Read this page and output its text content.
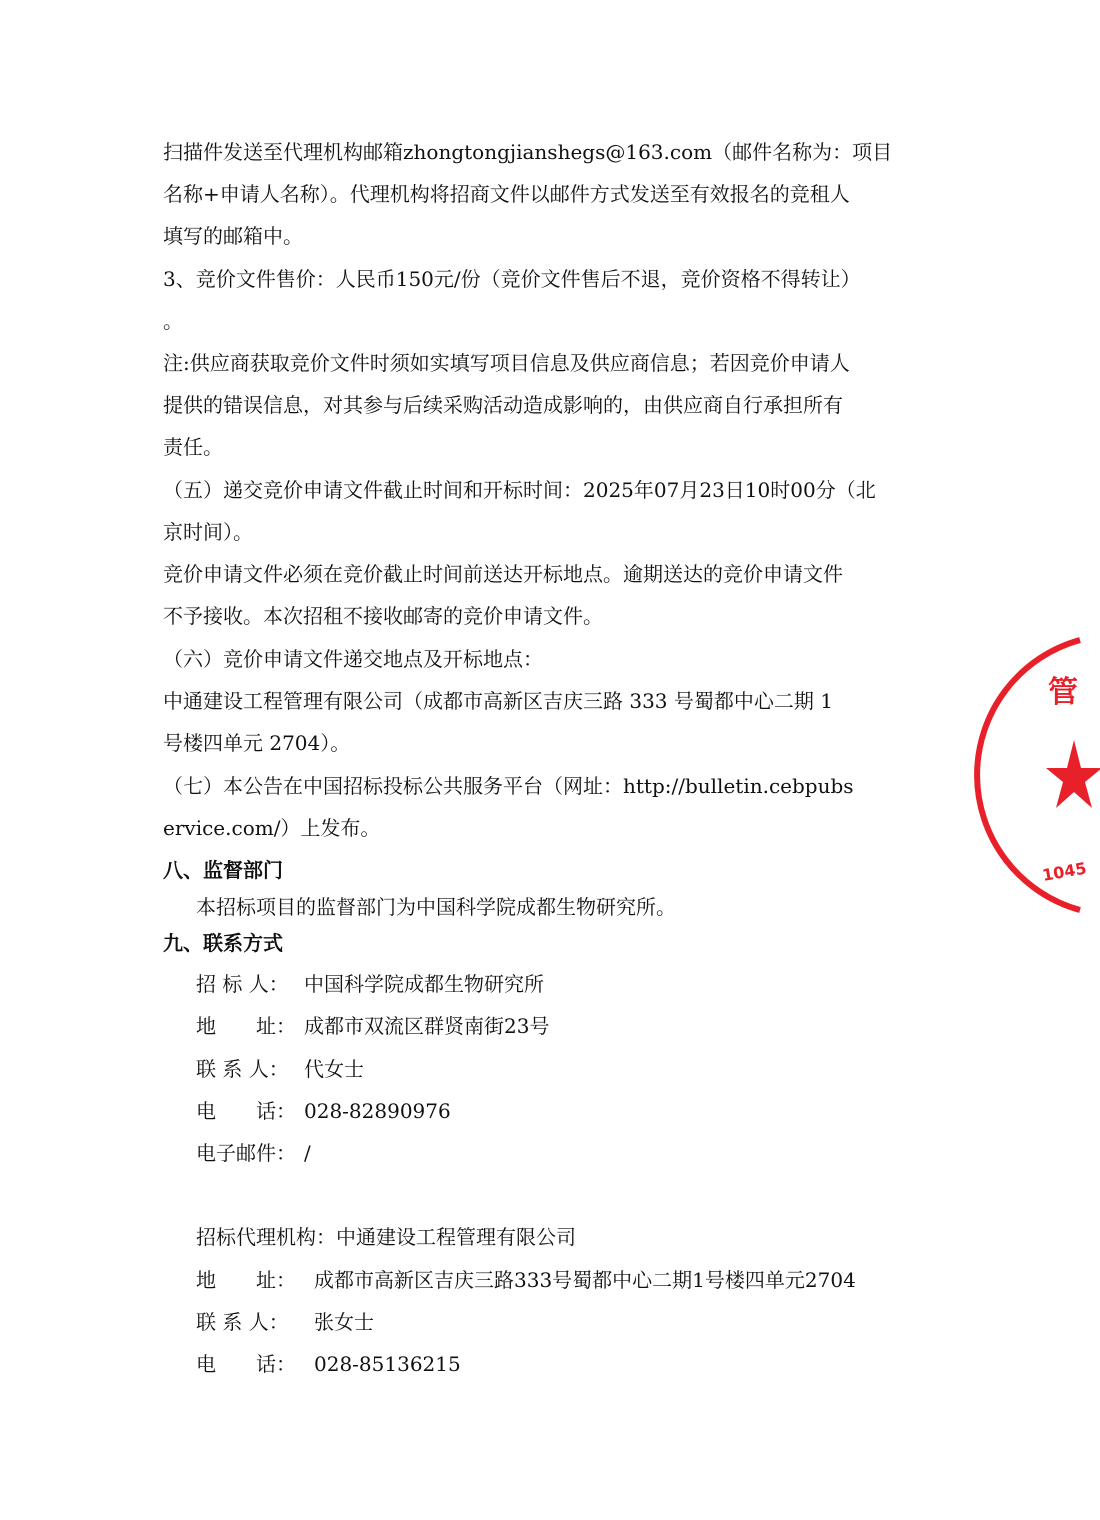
扫描件发送至代理机构邮箱zhongtongjianshegs@163.com（邮件名称为：项目
名称+申请人名称）。代理机构将招商文件以邮件方式发送至有效报名的竞租人
填写的邮箱中。
3、竞价文件售价：人民币150元/份（竞价文件售后不退，竞价资格不得转让）
。
注:供应商获取竞价文件时须如实填写项目信息及供应商信息；若因竞价申请人
提供的错误信息，对其参与后续采购活动造成影响的，由供应商自行承担所有
责任。
（五）递交竞价申请文件截止时间和开标时间：2025年07月23日10时00分（北
京时间）。
竞价申请文件必须在竞价截止时间前送达开标地点。逾期送达的竞价申请文件
不予接收。本次招租不接收邮寄的竞价申请文件。
（六）竞价申请文件递交地点及开标地点：
中通建设工程管理有限公司（成都市高新区吉庆三路 333 号蜀都中心二期 1
号楼四单元 2704）。
（七）本公告在中国招标投标公共服务平台（网址：http://bulletin.cebpubs
ervice.com/）上发布。
八、监督部门
本招标项目的监督部门为中国科学院成都生物研究所。
九、联系方式
招 标 人： 中国科学院成都生物研究所
地　　址： 成都市双流区群贤南街23号
联 系 人： 代女士
电　　话： 028-82890976
电子邮件： /
招标代理机构：中通建设工程管理有限公司
地　　址： 成都市高新区吉庆三路333号蜀都中心二期1号楼四单元2704
联 系 人： 张女士
电　　话： 028-85136215
管
1045
